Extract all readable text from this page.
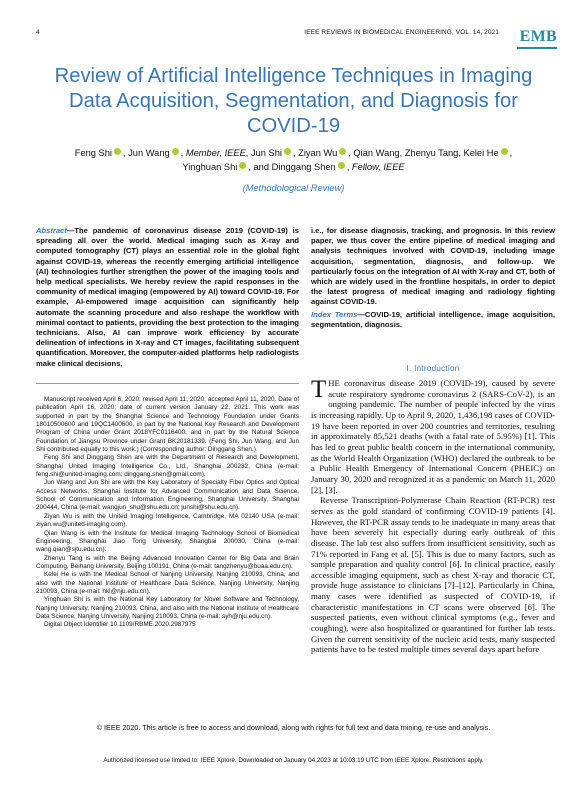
4	IEEE REVIEWS IN BIOMEDICAL ENGINEERING, VOL. 14, 2021 EMB
Review of Artificial Intelligence Techniques in Imaging Data Acquisition, Segmentation, and Diagnosis for COVID-19
Feng Shi , Jun Wang , Member, IEEE, Jun Shi , Ziyan Wu , Qian Wang, Zhenyu Tang, Kelei He ,
Yinghuan Shi , and Dinggang Shen , Fellow, IEEE
(Methodological Review)
Abstract—The pandemic of coronavirus disease 2019 (COVID-19) is spreading all over the world. Medical imaging such as X-ray and computed tomography (CT) plays an essential role in the global fight against COVID-19, whereas the recently emerging artificial intelligence (AI) technologies further strengthen the power of the imaging tools and help medical specialists. We hereby review the rapid responses in the community of medical imaging (empowered by AI) toward COVID-19. For example, AI-empowered image acquisition can significantly help automate the scanning procedure and also reshape the workflow with minimal contact to patients, providing the best protection to the imaging technicians. Also, AI can improve work efficiency by accurate delineation of infections in X-ray and CT images, facilitating subsequent quantification. Moreover, the computer-aided platforms help radiologists make clinical decisions,
i.e., for disease diagnosis, tracking, and prognosis. In this review paper, we thus cover the entire pipeline of medical imaging and analysis techniques involved with COVID-19, including image acquisition, segmentation, diagnosis, and follow-up. We particularly focus on the integration of AI with X-ray and CT, both of which are widely used in the frontline hospitals, in order to depict the latest progress of medical imaging and radiology fighting against COVID-19.
Index Terms—COVID-19, artificial intelligence, image acquisition, segmentation, diagnosis.

Manuscript received April 6, 2020; revised April 11, 2020; accepted April 11, 2020. Date of publication April 16, 2020; date of current version January 22, 2021. This work was supported in part by the Shanghai Science and Technology Foundation under Grants 18010500600 and 19QC1400600, in part by the National Key Research and Development Program of China under Grant 2018YFC0116400, and in part by the Natural Science Foundation of Jiangsu Province under Grant BK20181339. (Feng Shi, Jun Wang, and Jun Shi contributed equally to this work.) (Corresponding author: Dinggang Shen.)

Feng Shi and Dinggang Shen are with the Department of Research and Development, Shanghai United Imaging Intelligence Co., Ltd., Shanghai 200232, China (e-mail: feng.shi@united-imaging.com; dinggang.shen@gmail.com).

Jun Wang and Jun Shi are with the Key Laboratory of Specialty Fiber Optics and Optical Access Networks, Shanghai Institute for Advanced Communication and Data Science, School of Communication and Information Engineering, Shanghai University, Shanghai 200444, China (e-mail: wangjun_shu@shu.edu.cn; junshi@shu.edu.cn).

Ziyan Wu is with the United Imaging Intelligence, Cambridge, MA 02140 USA (e-mail: ziyan.wu@united-imaging.com).

Qian Wang is with the Institute for Medical Imaging Technology School of Biomedical Engineering, Shanghai Jiao Tong University, Shanghai 200030, China (e-mail: wang.qian@sjtu.edu.cn).

Zhenyu Tang is with the Beijing Advanced Innovation Center for Big Data and Brain Computing, Beihang University, Beijing 100191, China (e-mail: tangzhenyu@buaa.edu.cn).

Kelei He is with the Medical School of Nanjing University, Nanjing 210093, China, and also with the National Institute of Healthcare Data Science, Nanjing University, Nanjing 210093, China (e-mail: hkl@nju.edu.cn).

Yinghuan Shi is with the National Key Laboratory for Novel Software and Technology, Nanjing University, Nanjing 210093, China, and also with the National Institute of Healthcare Data Science, Nanjing University, Nanjing 210093, China (e-mail: syh@nju.edu.cn).

Digital Object Identifier 10.1109/RBME.2020.2987975

I. Introduction

THE coronavirus disease 2019 (COVID-19), caused by severe acute respiratory syndrome coronavirus 2 (SARS-CoV-2), is an ongoing pandemic. The number of people infected by the virus is increasing rapidly. Up to April 9, 2020, 1,436,198 cases of COVID-19 have been reported in over 200 countries and territories, resulting in approximately 85,521 deaths (with a fatal rate of 5.95%) [1]. This has led to great public health concern in the international community, as the World Health Organization (WHO) declared the outbreak to be a Public Health Emergency of International Concern (PHEIC) on January 30, 2020 and recognized it as a pandemic on March 11, 2020 [2], [3].

Reverse Transcription-Polymerase Chain Reaction (RT-PCR) test serves as the gold standard of confirming COVID-19 patients [4]. However, the RT-PCR assay tends to be inadequate in many areas that have been severely hit especially during early outbreak of this disease. The lab test also suffers from insufficient sensitivity, such as 71% reported in Fang et al. [5]. This is due to many factors, such as sample preparation and quality control [6]. In clinical practice, easily accessible imaging equipment, such as chest X-ray and thoracic CT, provide huge assistance to clinicians [7]–[12]. Particularly in China, many cases were identified as suspected of COVID-19, if characteristic manifestations in CT scans were observed [6]. The suspected patients, even without clinical symptoms (e.g., fever and coughing), were also hospitalized or quarantined for further lab tests. Given the current sensitivity of the nucleic acid tests, many suspected patients have to be tested multiple times several days apart before

© IEEE 2020. This article is free to access and download, along with rights for full text and data mining, re-use and analysis.
Authorized licensed use limited to: IEEE Xplore. Downloaded on January 04,2023 at 10:03:19 UTC from IEEE Xplore. Restrictions apply.
